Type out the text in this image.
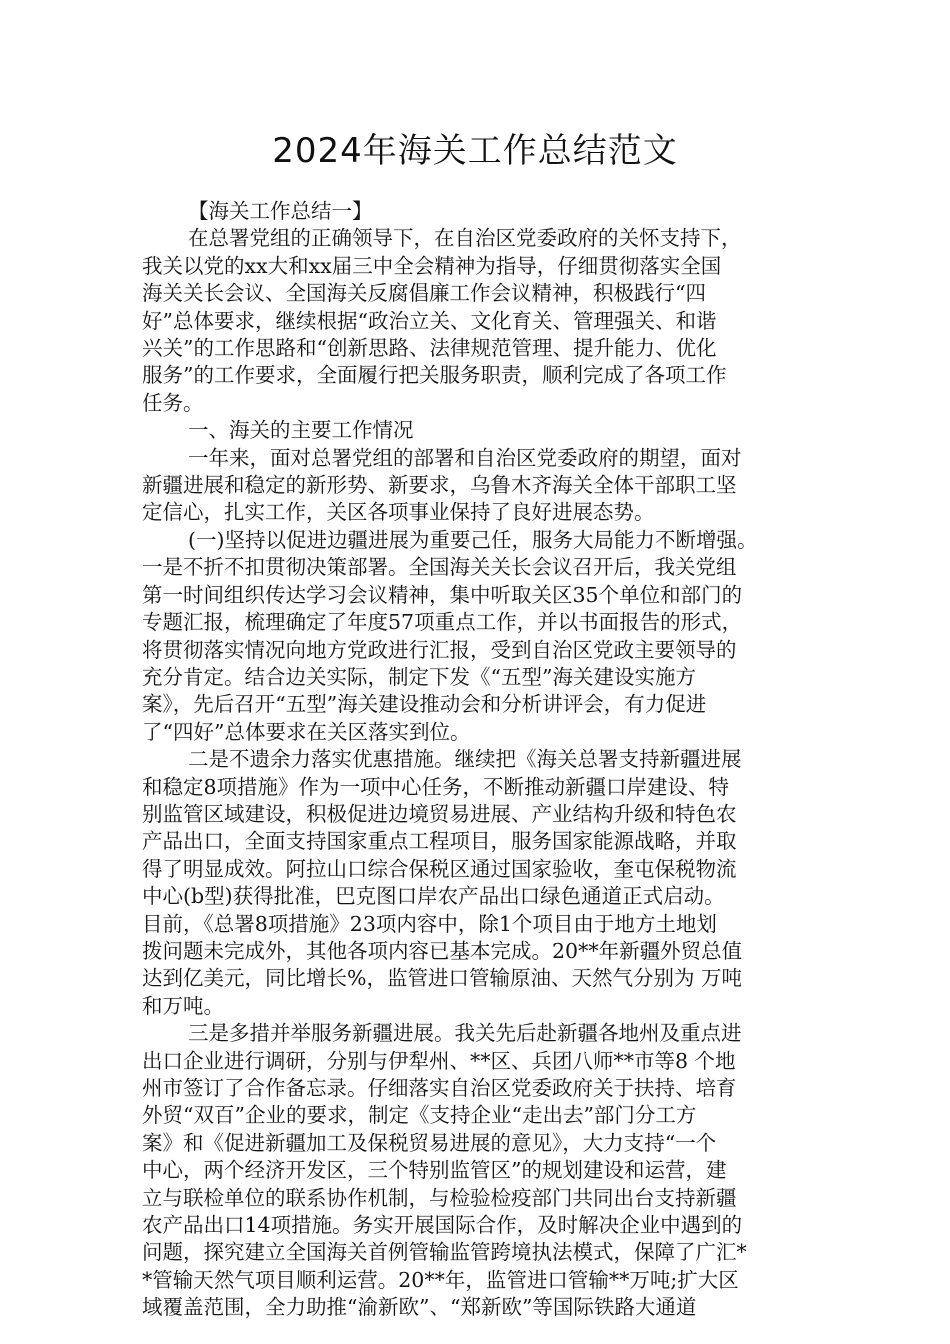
2024年海关工作总结范文
【海关工作总结一】
在总署党组的正确领导下，在自治区党委政府的关怀支持下，
我关以党的xx大和xx届三中全会精神为指导，仔细贯彻落实全国
海关关长会议、全国海关反腐倡廉工作会议精神，积极践行“四
好”总体要求，继续根据“政治立关、文化育关、管理强关、和谐
兴关”的工作思路和“创新思路、法律规范管理、提升能力、优化
服务”的工作要求，全面履行把关服务职责，顺利完成了各项工作
任务。
一、海关的主要工作情况
一年来，面对总署党组的部署和自治区党委政府的期望，面对
新疆进展和稳定的新形势、新要求，乌鲁木齐海关全体干部职工坚
定信心，扎实工作，关区各项事业保持了良好进展态势。
(一)坚持以促进边疆进展为重要己任，服务大局能力不断增强。
一是不折不扣贯彻决策部署。全国海关关长会议召开后，我关党组
第一时间组织传达学习会议精神，集中听取关区35个单位和部门的
专题汇报，梳理确定了年度57项重点工作，并以书面报告的形式，
将贯彻落实情况向地方党政进行汇报，受到自治区党政主要领导的
充分肯定。结合边关实际，制定下发《“五型”海关建设实施方
案》，先后召开“五型”海关建设推动会和分析讲评会，有力促进
了“四好”总体要求在关区落实到位。
二是不遗余力落实优惠措施。继续把《海关总署支持新疆进展
和稳定8项措施》作为一项中心任务，不断推动新疆口岸建设、特
别监管区域建设，积极促进边境贸易进展、产业结构升级和特色农
产品出口，全面支持国家重点工程项目，服务国家能源战略，并取
得了明显成效。阿拉山口综合保税区通过国家验收，奎屯保税物流
中心(b型)获得批准，巴克图口岸农产品出口绿色通道正式启动。
目前，《总署8项措施》23项内容中，除1个项目由于地方土地划
拨问题未完成外，其他各项内容已基本完成。20**年新疆外贸总值
达到亿美元，同比增长%，监管进口管输原油、天然气分别为 万吨
和万吨。
三是多措并举服务新疆进展。我关先后赴新疆各地州及重点进
出口企业进行调研，分别与伊犁州、**区、兵团八师**市等8 个地
州市签订了合作备忘录。仔细落实自治区党委政府关于扶持、培育
外贸“双百”企业的要求，制定《支持企业“走出去”部门分工方
案》和《促进新疆加工及保税贸易进展的意见》，大力支持“一个
中心，两个经济开发区，三个特别监管区”的规划建设和运营，建
立与联检单位的联系协作机制，与检验检疫部门共同出台支持新疆
农产品出口14项措施。务实开展国际合作，及时解决企业中遇到的
问题，探究建立全国海关首例管输监管跨境执法模式，保障了广汇*
*管输天然气项目顺利运营。20**年，监管进口管输**万吨;扩大区
域覆盖范围，全力助推“渝新欧”、“郑新欧”等国际铁路大通道
